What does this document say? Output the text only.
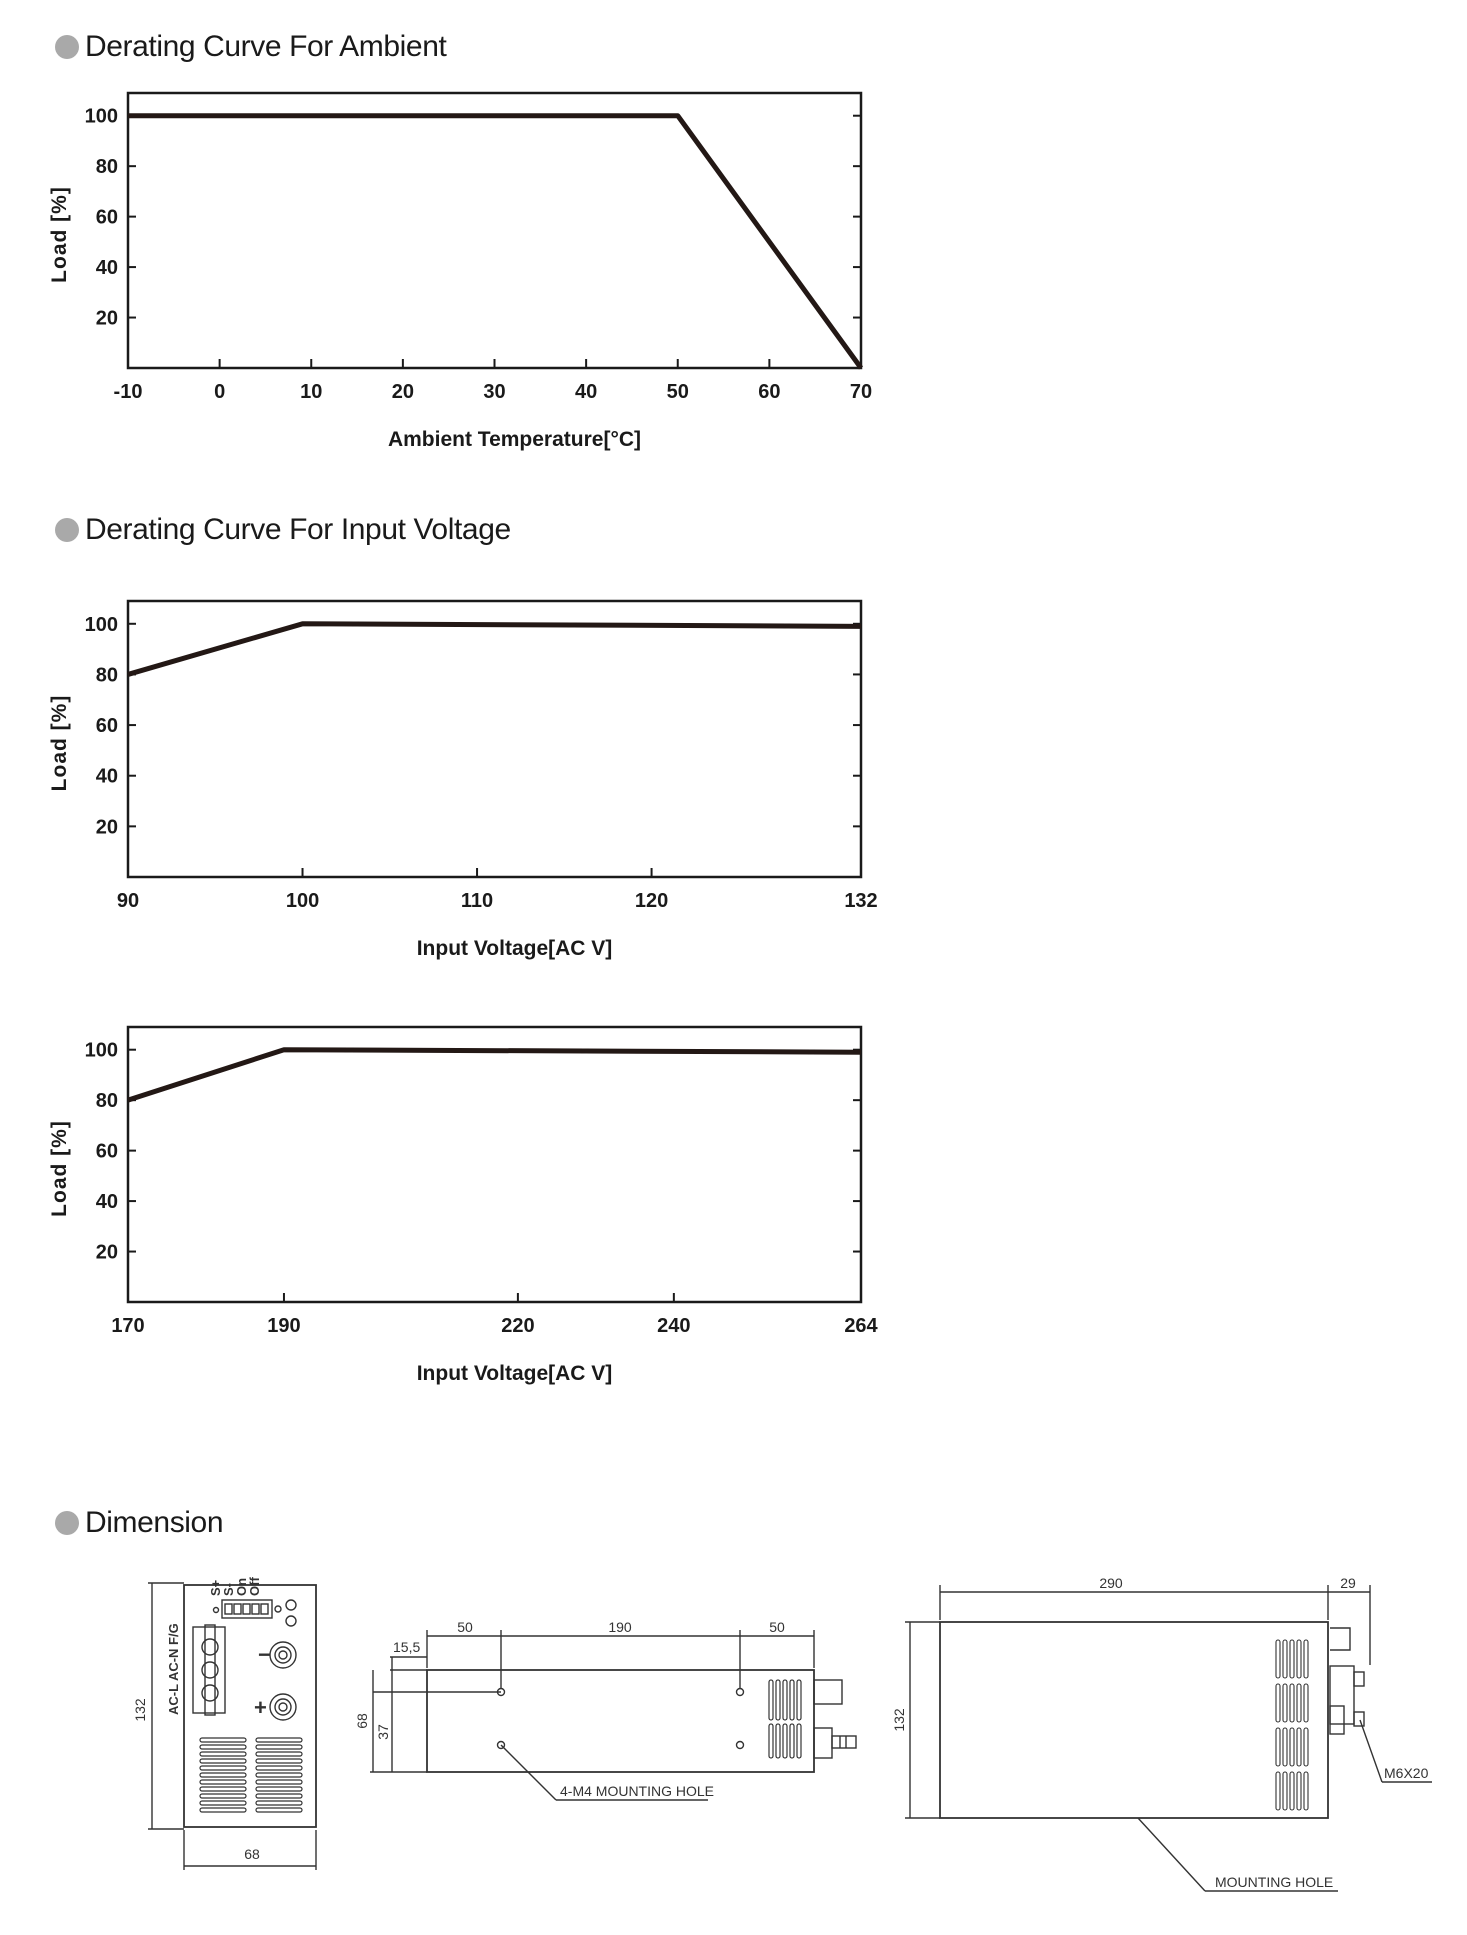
Derating Curve For Ambient
Derating Curve For Input Voltage
Dimension
20
40
60
80
100
-10	0	10	20	30	40	50	60	70
Ambient Temperature[°C]
Load [%]
20
40
60
80
100
90	100	110	120	132
Input Voltage[AC V]
Load [%]
20
40
60
80
100
170	190	220	240	264
Input Voltage[AC V]
Load [%]
132
68
S+
S-
On
Off
AC-L AC-N F/G	−
+
50	190	50
15,5
68
37
4-M4 MOUNTING HOLE
290	29
132
M6X20
MOUNTING HOLE
